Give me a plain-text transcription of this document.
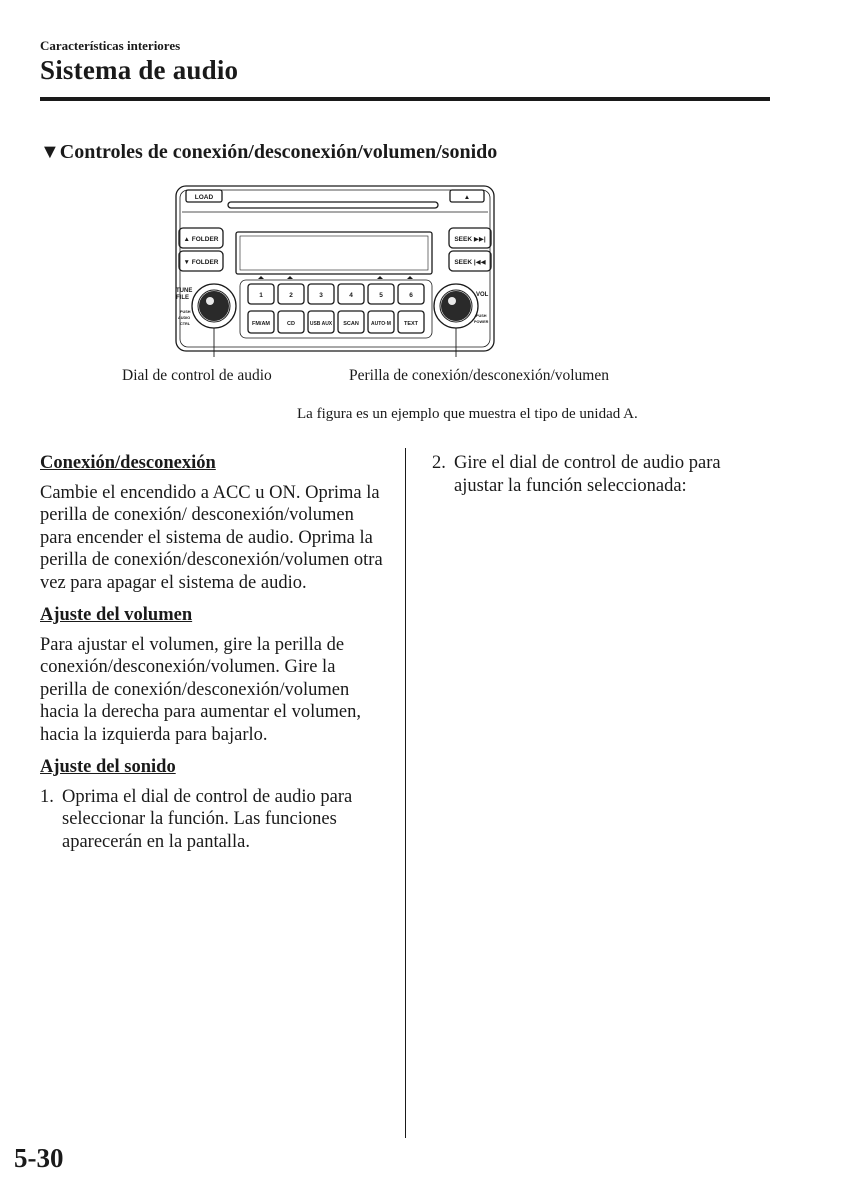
Características interiores
Sistema de audio
▼Controles de conexión/desconexión/volumen/sonido
LOAD	▲
▲ FOLDER
▼ FOLDER
SEEK ▶▶|
SEEK |◀◀
1	2	3	4	5	6
FM/AM	CD	USB AUX SCAN AUTO·M TEXT
TUNE
FILE
PUSH
AUDIO
CTRL
VOL
PUSH
POWER
Dial de control de audio	Perilla de conexión/desconexión/volumen
La figura es un ejemplo que muestra el tipo de unidad A.
Conexión/desconexión

Cambie el encendido a ACC u ON. Oprima la perilla de conexión/ desconexión/volumen para encender el sistema de audio. Oprima la perilla de conexión/desconexión/volumen otra vez para apagar el sistema de audio.

Ajuste del volumen

Para ajustar el volumen, gire la perilla de conexión/desconexión/volumen. Gire la perilla de conexión/desconexión/volumen hacia la derecha para aumentar el volumen, hacia la izquierda para bajarlo.

Ajuste del sonido
1. Oprima el dial de control de audio para seleccionar la función. Las funciones aparecerán en la pantalla.
2. Gire el dial de control de audio para ajustar la función seleccionada:
5-30
